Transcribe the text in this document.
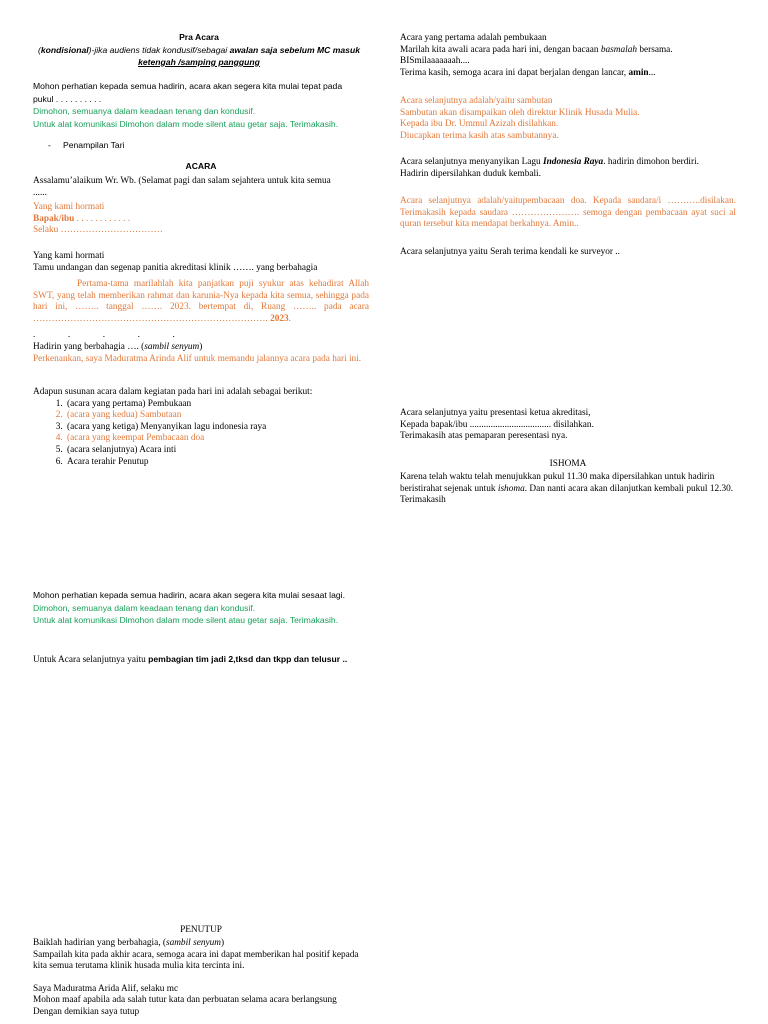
Pra Acara

(kondisional)-jika audiens tidak kondusif/sebagai awalan saja sebelum MC masuk

ketengah /samping panggung

Mohon perhatian kepada semua hadirin, acara akan segera kita mulai tepat pada

pukul . . . . . . . . . .

Dimohon, semuanya dalam keadaan tenang dan kondusif.

Untuk alat komunikasi Dimohon dalam mode silent atau getar saja. Terimakasih.

- Penampilan Tari

ACARA

Assalamu’alaikum Wr. Wb. (Selamat pagi dan salam sejahtera untuk kita semua

......

Yang kami hormati

Bapak/ibu . . . . . . . . . . . .

Selaku ……………………………

Yang kami hormati

Tamu undangan dan segenap panitia akreditasi klinik ……. yang berbahagia

Pertama-tama marilahlah kita panjatkan puji syukur atas kehadirat Allah SWT, yang telah memberikan rahmat dan karunia-Nya kepada kita semua, sehingga pada hari ini, …….. tanggal ……. 2023. bertempat di, Ruang …….. pada acara …………………………………………………………………. 2023.
.              .              .              .              .

Hadirin yang berbahagia …. (sambil senyum)

Perkenankan, saya Maduratma Arinda Alif untuk memandu jalannya acara pada hari ini.

Adapun susunan acara dalam kegiatan pada hari ini adalah sebagai berikut:

1. (acara yang pertama) Pembukaan
2. (acara yang kedua) Sambutaan
3. (acara yang ketiga) Menyanyikan lagu indonesia raya
4. (acara yang keempat Pembacaan doa
5. (acara selanjutnya) Acara inti
6. Acara terahir Penutup

Mohon perhatian kepada semua hadirin, acara akan segera kita mulai sesaat lagi.

Dimohon, semuanya dalam keadaan tenang dan kondusif.

Untuk alat komunikasi Dimohon dalam mode silent atau getar saja. Terimakasih.

Untuk Acara selanjutnya yaitu pembagian tim jadi 2,tksd dan tkpp dan telusur ..
PENUTUP

Baiklah hadirian yang berbahagia, (sambil senyum)

Sampailah kita pada akhir acara, semoga acara ini dapat memberikan hal positif kepada kita semua terutama klinik husada mulia kita tercinta ini.

Saya Maduratma Arida Alif, selaku mc

Mohon maaf apabila ada salah tutur kata dan perbuatan selama acara berlangsung

Dengan demikian saya tutup

Acara yang pertama adalah pembukaan

Marilah kita awali acara pada hari ini, dengan bacaan basmalah bersama.

BISmilaaaaaaah....

Terima kasih, semoga acara ini dapat berjalan dengan lancar, amin...

Acara selanjutnya adalah/yaitu sambutan

Sambutan akan disampaikan oleh direktur Klinik Husada Mulia.

Kepada ibu Dr. Ummul Azizah disilahkan.

Diucapkan terima kasih atas sambutannya.

Acara selanjutnya menyanyikan Lagu Indonesia Raya. hadirin dimohon berdiri.

Hadirin dipersilahkan duduk kembali.

Acara selanjutnya adalah/yaitupembacaan doa. Kepada saudara/i ………..disilakan. Terimakasih kepada saudara …………………. semoga dengan pembacaan ayat suci al quran tersebut kita mendapat berkahnya. Amin..
Acara selanjutnya yaitu Serah terima kendali ke surveyor ..

Acara selanjutnya yaitu presentasi ketua akreditasi,

Kepada bapak/ibu ................................... disilahkan.

Terimakasih atas pemaparan peresentasi nya.

ISHOMA
Karena telah waktu telah menujukkan pukul 11.30 maka dipersilahkan untuk hadirin beristirahat sejenak untuk ishoma. Dan nanti acara akan dilanjutkan kembali pukul 12.30. Terimakasih
